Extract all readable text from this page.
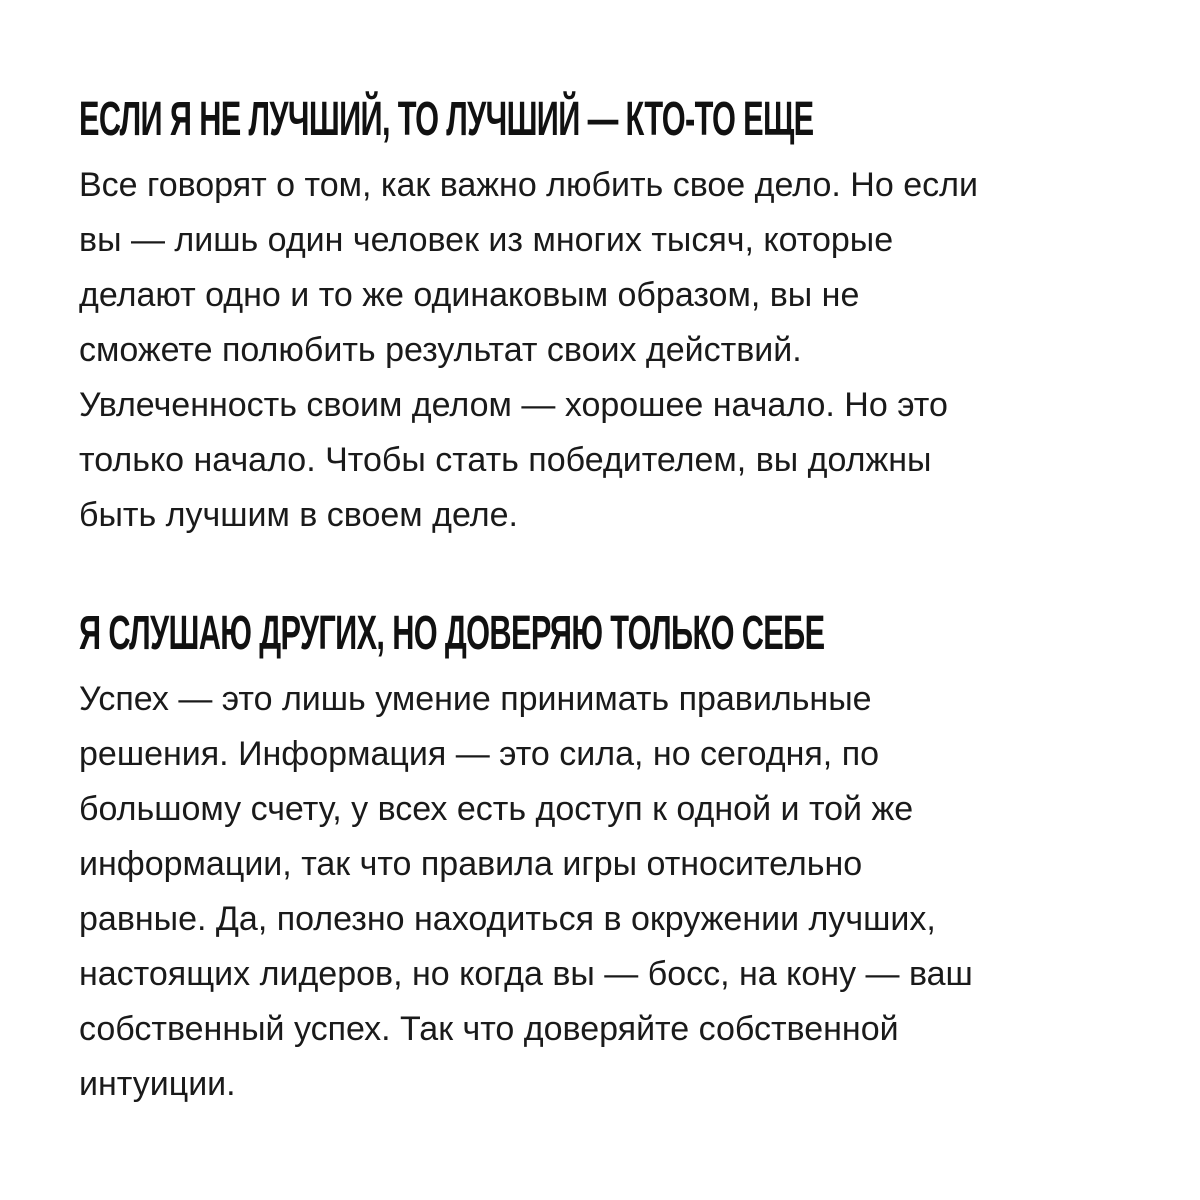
ЕСЛИ Я НЕ ЛУЧШИЙ, ТО ЛУЧШИЙ — КТО-ТО ЕЩЕ

Все говорят о том, как важно любить свое дело. Но если
вы — лишь один человек из многих тысяч, которые
делают одно и то же одинаковым образом, вы не
сможете полюбить результат своих действий.
Увлеченность своим делом — хорошее начало. Но это
только начало. Чтобы стать победителем, вы должны
быть лучшим в своем деле.

Я СЛУШАЮ ДРУГИХ, НО ДОВЕРЯЮ ТОЛЬКО СЕБЕ

Успех — это лишь умение принимать правильные
решения. Информация — это сила, но сегодня, по
большому счету, у всех есть доступ к одной и той же
информации, так что правила игры относительно
равные. Да, полезно находиться в окружении лучших,
настоящих лидеров, но когда вы — босс, на кону — ваш
собственный успех. Так что доверяйте собственной
интуиции.
